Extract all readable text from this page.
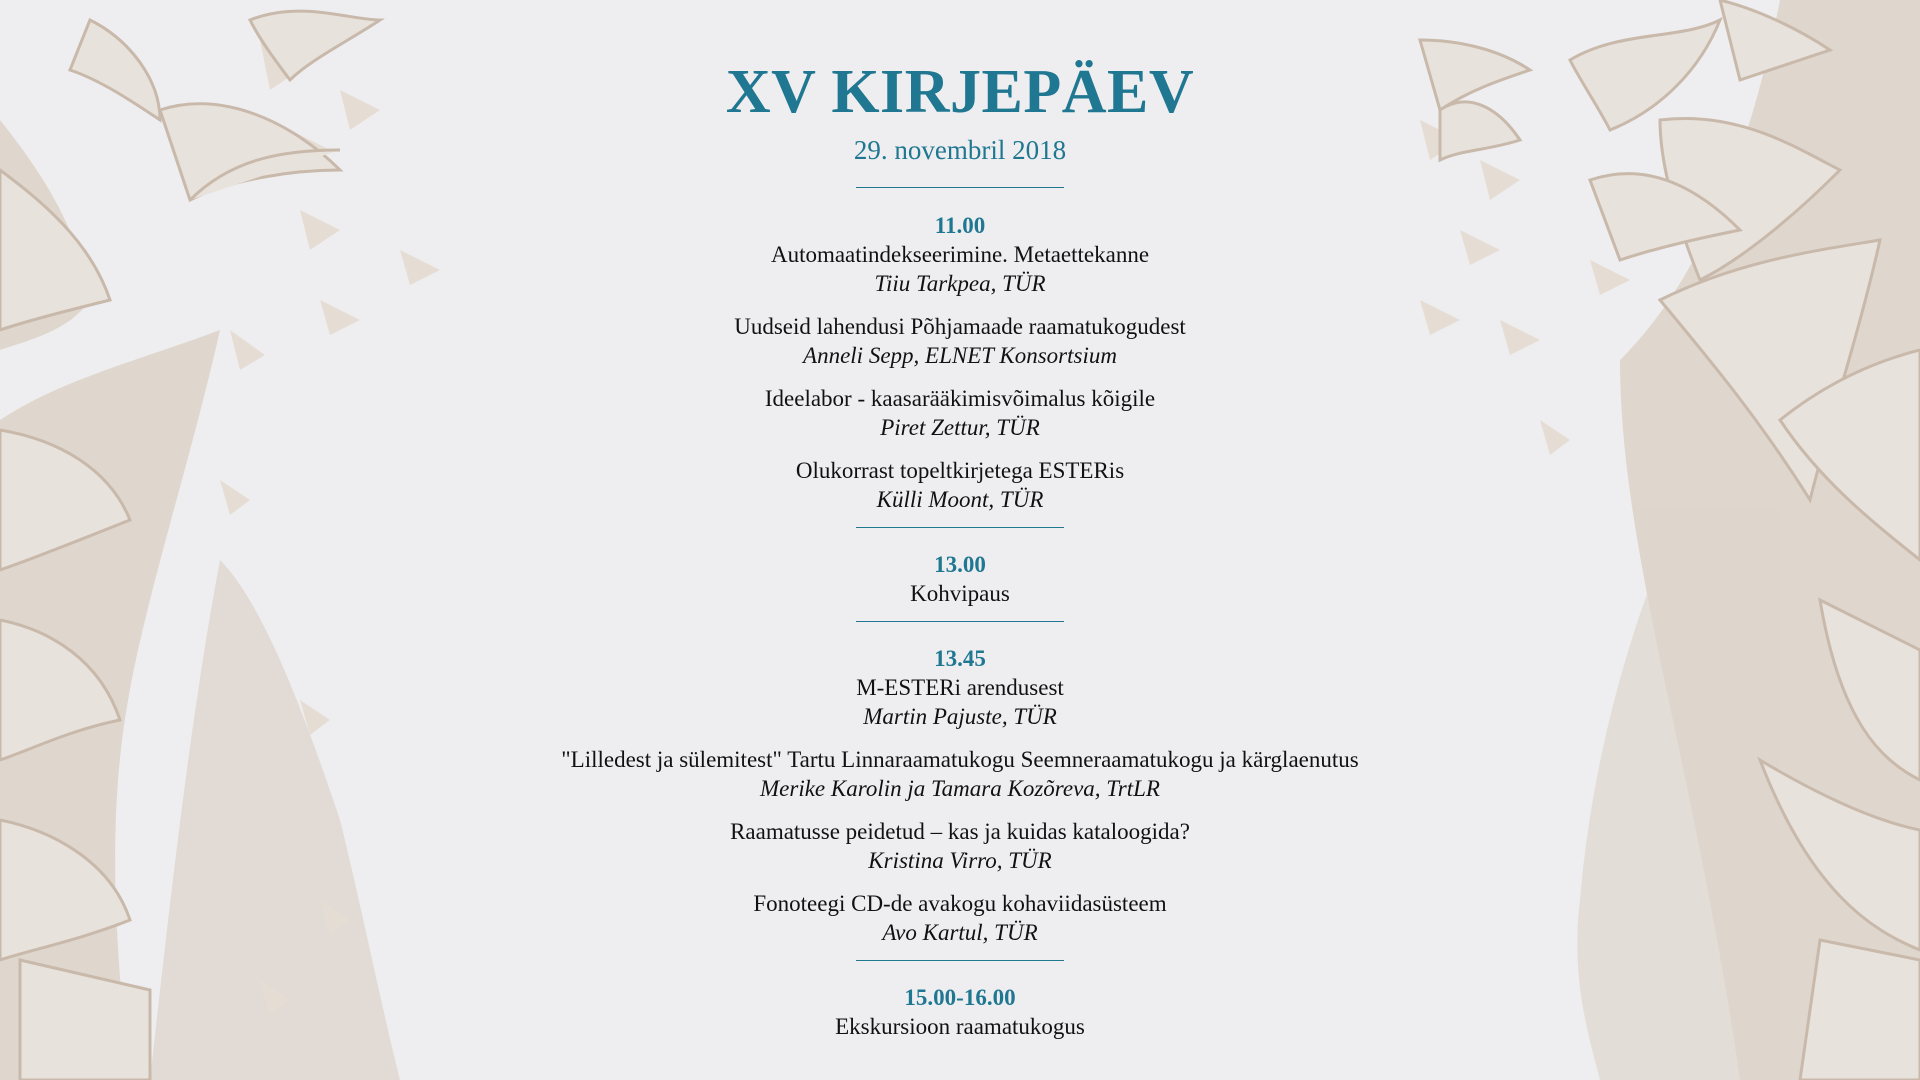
XV KIRJEPÄEV
29. novembril 2018
11.00
Automaatindekseerimine. Metaettekanne
Tiiu Tarkpea, TÜR
Uudseid lahendusi Põhjamaade raamatukogudest
Anneli Sepp, ELNET Konsortsium
Ideelabor - kaasarääkimisvõimalus kõigile
Piret Zettur, TÜR
Olukorrast topeltkirjetega ESTERis
Külli Moont, TÜR
13.00
Kohvipaus
13.45
M-ESTERi arendusest
Martin Pajuste, TÜR
"Lilledest ja sülemitest" Tartu Linnaraamatukogu Seemneraamatukogu ja kärglaenutus
Merike Karolin ja Tamara Kozõreva, TrtLR
Raamatusse peidetud – kas ja kuidas kataloogida?
Kristina Virro, TÜR
Fonoteegi CD-de avakogu kohaviidasüsteem
Avo Kartul, TÜR
15.00-16.00
Ekskursioon raamatukogus
